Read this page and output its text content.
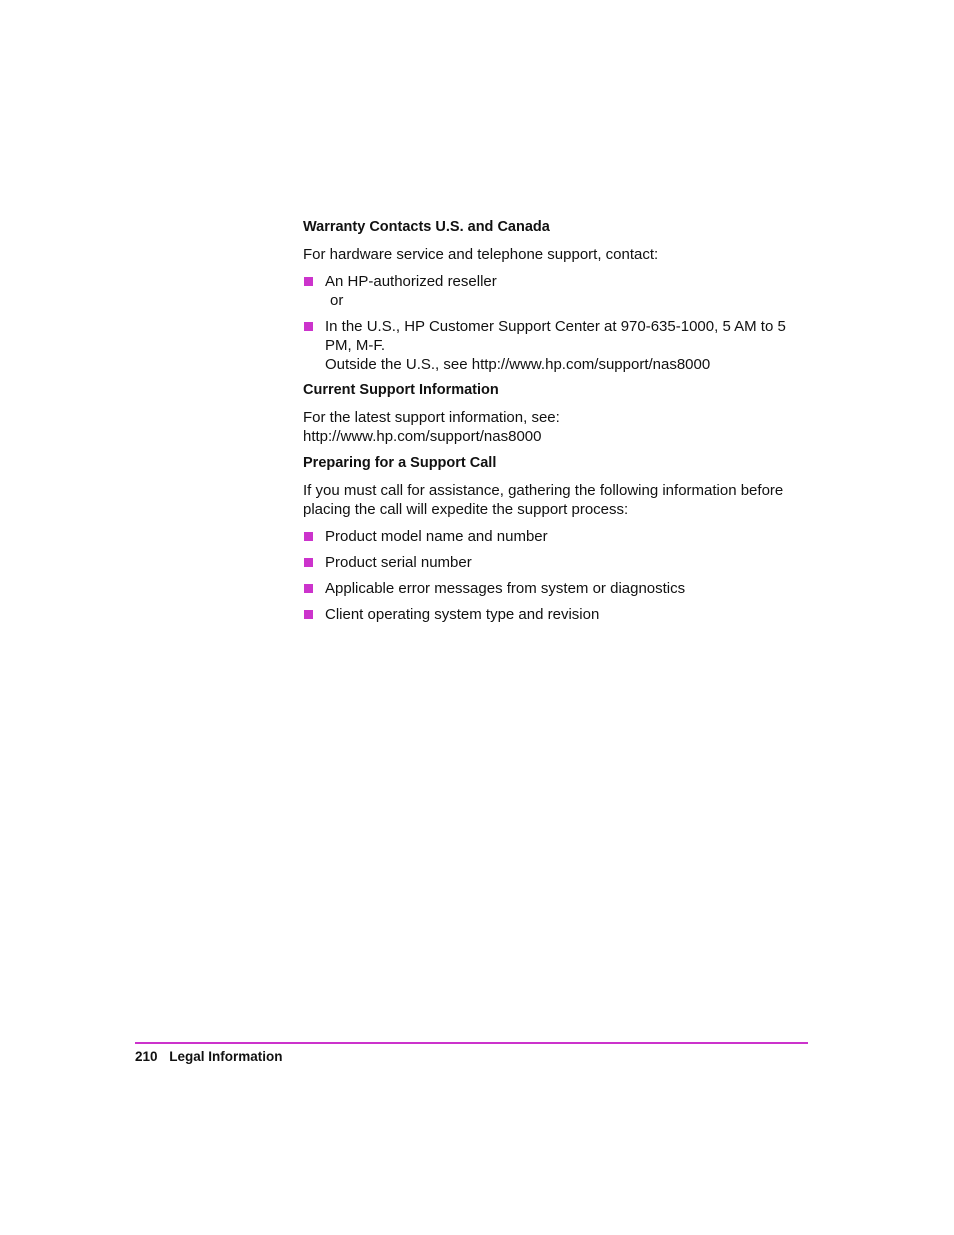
Warranty Contacts U.S. and Canada
For hardware service and telephone support, contact:
An HP-authorized reseller
or
In the U.S., HP Customer Support Center at 970-635-1000, 5 AM to 5 PM, M-F.
Outside the U.S., see http://www.hp.com/support/nas8000
Current Support Information
For the latest support information, see:
http://www.hp.com/support/nas8000
Preparing for a Support Call
If you must call for assistance, gathering the following information before placing the call will expedite the support process:
Product model name and number
Product serial number
Applicable error messages from system or diagnostics
Client operating system type and revision
210 Legal Information
